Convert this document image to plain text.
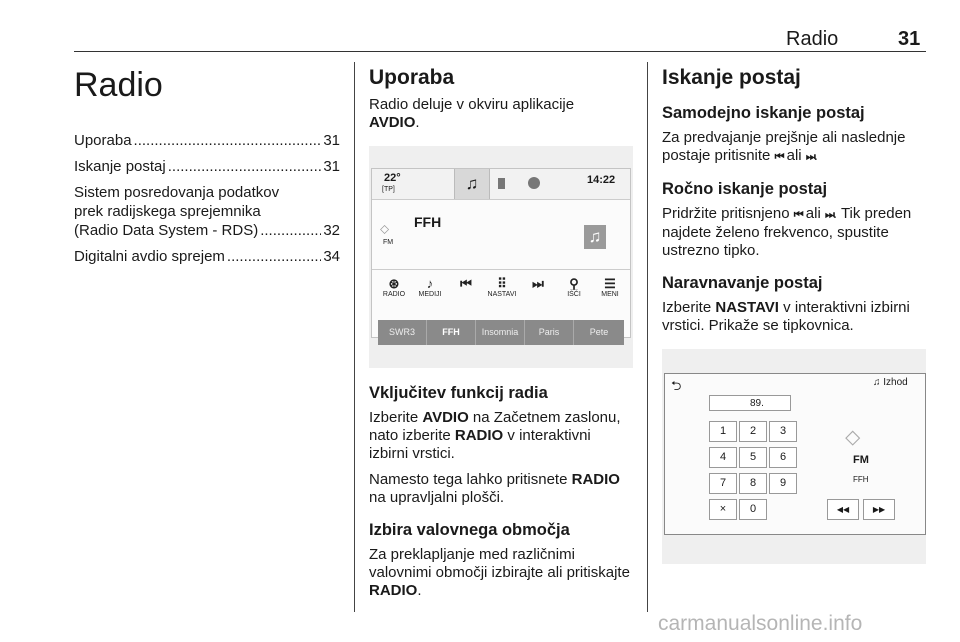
Radio	31
Radio

Uporaba .....	31

Iskanje postaj .....	31

Sistem posredovanja podatkov
prek radijskega sprejemnika
(Radio Data System - RDS) .....	32

Digitalni avdio sprejem .....	34

Uporaba

Radio deluje v okviru aplikacije
AVDIO.

22°
[TP]	♫	14:22
⬦
FM
FFH
♫
⊛
RADIO
♪
MEDIJI
⏮	⠿
NASTAVI
⏭	⚲
IŠČI
☰
MENI
SWR3	FFH	Insomnia	Paris	Pete
Vključitev funkcij radia

Izberite AVDIO na Začetnem zaslonu, nato izberite RADIO v interaktivni izbirni vrstici.

Namesto tega lahko pritisnete RADIO na upravljalni plošči.

Izbira valovnega območja

Za preklapljanje med različnimi valovnimi območji izbirajte ali pritiskajte RADIO.

Iskanje postaj
Samodejno iskanje postaj

Za predvajanje prejšnje ali naslednje postaje pritisnite ⏮ ali ⏭.

Ročno iskanje postaj

Pridržite pritisnjeno ⏮ ali ⏭. Tik preden najdete želeno frekvenco, spustite ustrezno tipko.

Naravnavanje postaj

Izberite NASTAVI v interaktivni izbirni vrstici. Prikaže se tipkovnica.

⮌	♫ Izhod
89.
1	2	3
4	5	6
7	8	9
×	0
⬦
FM
FFH
◀◀	▶▶
carmanualsonline.info
